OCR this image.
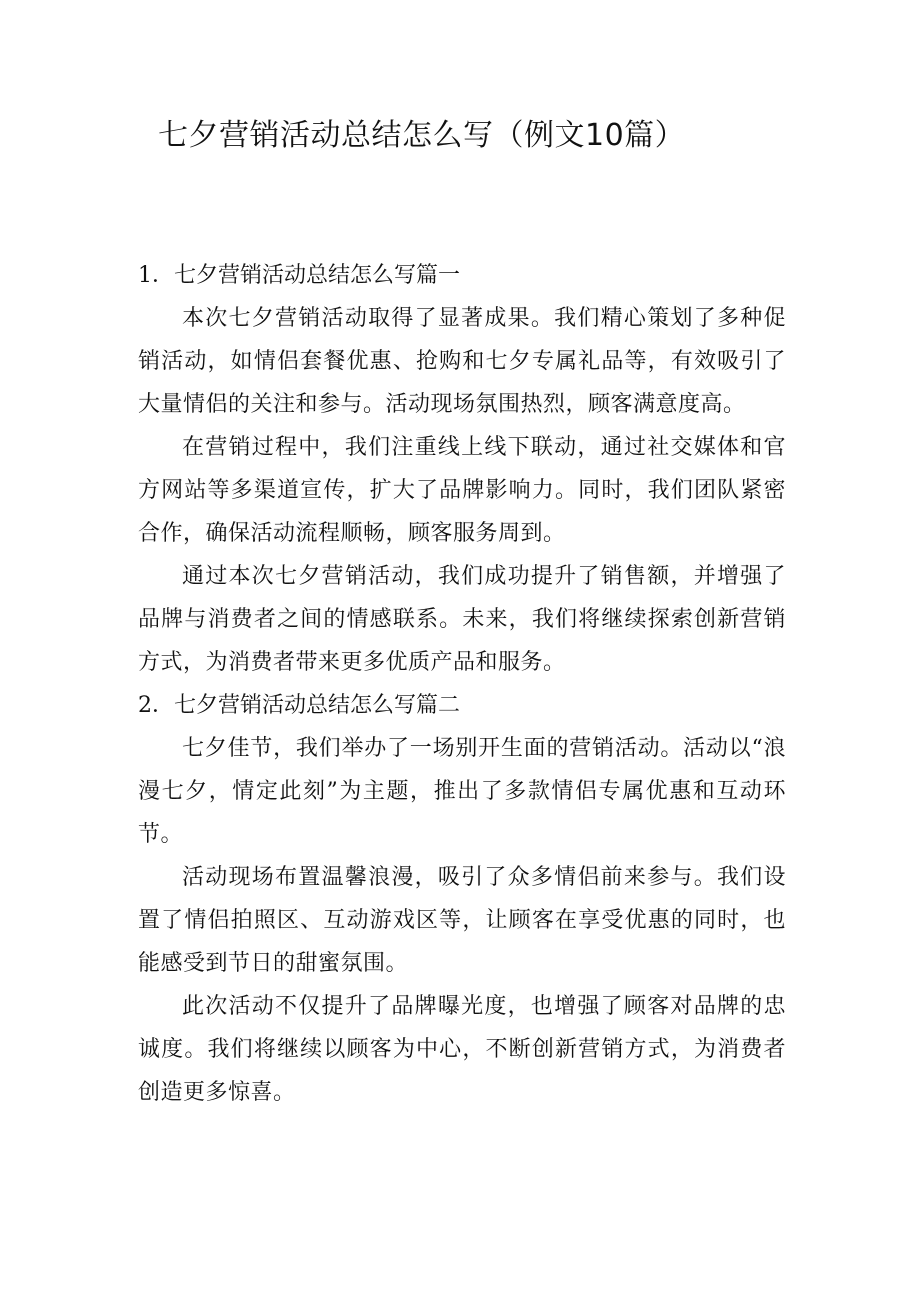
七夕营销活动总结怎么写（例文10篇）
1．七夕营销活动总结怎么写篇一

本次七夕营销活动取得了显著成果。我们精心策划了多种促销活动，如情侣套餐优惠、抢购和七夕专属礼品等，有效吸引了大量情侣的关注和参与。活动现场氛围热烈，顾客满意度高。

在营销过程中，我们注重线上线下联动，通过社交媒体和官方网站等多渠道宣传，扩大了品牌影响力。同时，我们团队紧密合作，确保活动流程顺畅，顾客服务周到。

通过本次七夕营销活动，我们成功提升了销售额，并增强了品牌与消费者之间的情感联系。未来，我们将继续探索创新营销方式，为消费者带来更多优质产品和服务。

2．七夕营销活动总结怎么写篇二

七夕佳节，我们举办了一场别开生面的营销活动。活动以“浪漫七夕，情定此刻”为主题，推出了多款情侣专属优惠和互动环节。

活动现场布置温馨浪漫，吸引了众多情侣前来参与。我们设置了情侣拍照区、互动游戏区等，让顾客在享受优惠的同时，也能感受到节日的甜蜜氛围。

此次活动不仅提升了品牌曝光度，也增强了顾客对品牌的忠诚度。我们将继续以顾客为中心，不断创新营销方式，为消费者创造更多惊喜。
